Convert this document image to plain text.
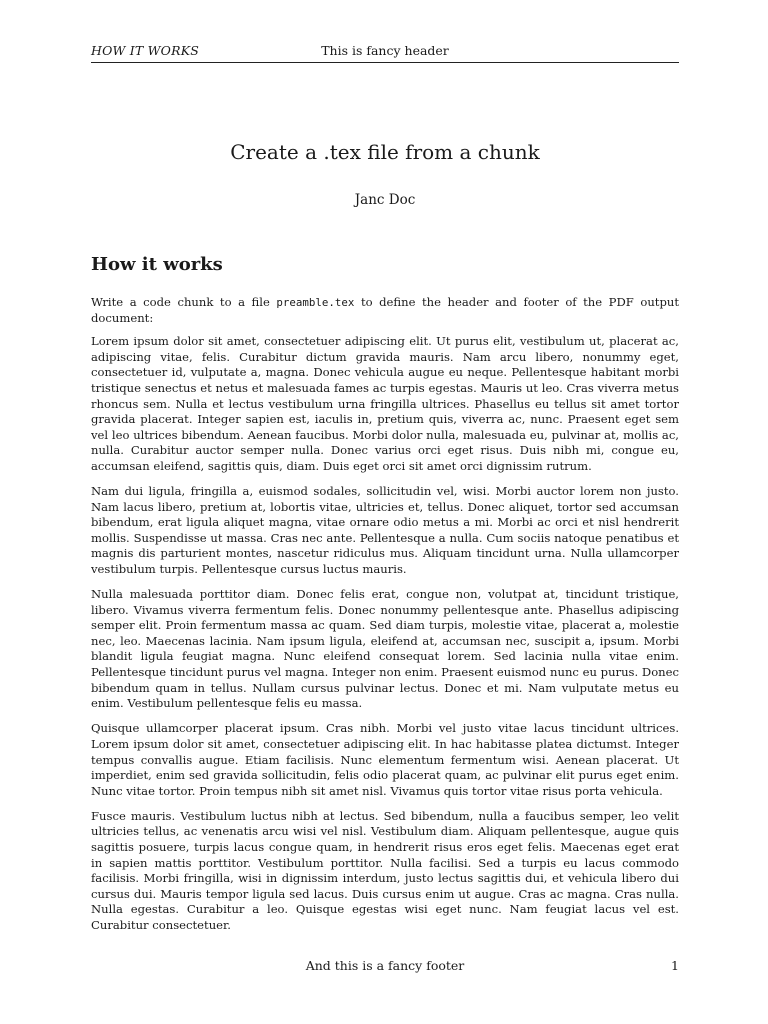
HOW IT WORKS	This is fancy header
Create a .tex file from a chunk
Janc Doc
How it works

Write a code chunk to a file preamble.tex to define the header and footer of the PDF output document:

Lorem ipsum dolor sit amet, consectetuer adipiscing elit. Ut purus elit, vestibulum ut, placerat ac, adipiscing vitae, felis. Curabitur dictum gravida mauris. Nam arcu libero, nonummy eget, consectetuer id, vulputate a, magna. Donec vehicula augue eu neque. Pellentesque habitant morbi tristique senectus et netus et malesuada fames ac turpis egestas. Mauris ut leo. Cras viverra metus rhoncus sem. Nulla et lectus vestibulum urna fringilla ultrices. Phasellus eu tellus sit amet tortor gravida placerat. Integer sapien est, iaculis in, pretium quis, viverra ac, nunc. Praesent eget sem vel leo ultrices bibendum. Aenean faucibus. Morbi dolor nulla, malesuada eu, pulvinar at, mollis ac, nulla. Curabitur auctor semper nulla. Donec varius orci eget risus. Duis nibh mi, congue eu, accumsan eleifend, sagittis quis, diam. Duis eget orci sit amet orci dignissim rutrum.

Nam dui ligula, fringilla a, euismod sodales, sollicitudin vel, wisi. Morbi auctor lorem non justo. Nam lacus libero, pretium at, lobortis vitae, ultricies et, tellus. Donec aliquet, tortor sed accumsan bibendum, erat ligula aliquet magna, vitae ornare odio metus a mi. Morbi ac orci et nisl hendrerit mollis. Suspendisse ut massa. Cras nec ante. Pellentesque a nulla. Cum sociis natoque penatibus et magnis dis parturient montes, nascetur ridiculus mus. Aliquam tincidunt urna. Nulla ullamcorper vestibulum turpis. Pellentesque cursus luctus mauris.

Nulla malesuada porttitor diam. Donec felis erat, congue non, volutpat at, tincidunt tristique, libero. Vivamus viverra fermentum felis. Donec nonummy pellentesque ante. Phasellus adipiscing semper elit. Proin fermentum massa ac quam. Sed diam turpis, molestie vitae, placerat a, molestie nec, leo. Maecenas lacinia. Nam ipsum ligula, eleifend at, accumsan nec, suscipit a, ipsum. Morbi blandit ligula feugiat magna. Nunc eleifend consequat lorem. Sed lacinia nulla vitae enim. Pellentesque tincidunt purus vel magna. Integer non enim. Praesent euismod nunc eu purus. Donec bibendum quam in tellus. Nullam cursus pulvinar lectus. Donec et mi. Nam vulputate metus eu enim. Vestibulum pellentesque felis eu massa.

Quisque ullamcorper placerat ipsum. Cras nibh. Morbi vel justo vitae lacus tincidunt ultrices. Lorem ipsum dolor sit amet, consectetuer adipiscing elit. In hac habitasse platea dictumst. Integer tempus convallis augue. Etiam facilisis. Nunc elementum fermentum wisi. Aenean placerat. Ut imperdiet, enim sed gravida sollicitudin, felis odio placerat quam, ac pulvinar elit purus eget enim. Nunc vitae tortor. Proin tempus nibh sit amet nisl. Vivamus quis tortor vitae risus porta vehicula.

Fusce mauris. Vestibulum luctus nibh at lectus. Sed bibendum, nulla a faucibus semper, leo velit ultricies tellus, ac venenatis arcu wisi vel nisl. Vestibulum diam. Aliquam pellentesque, augue quis sagittis posuere, turpis lacus congue quam, in hendrerit risus eros eget felis. Maecenas eget erat in sapien mattis porttitor. Vestibulum porttitor. Nulla facilisi. Sed a turpis eu lacus commodo facilisis. Morbi fringilla, wisi in dignissim interdum, justo lectus sagittis dui, et vehicula libero dui cursus dui. Mauris tempor ligula sed lacus. Duis cursus enim ut augue. Cras ac magna. Cras nulla. Nulla egestas. Curabitur a leo. Quisque egestas wisi eget nunc. Nam feugiat lacus vel est. Curabitur consectetuer.

And this is a fancy footer	1
